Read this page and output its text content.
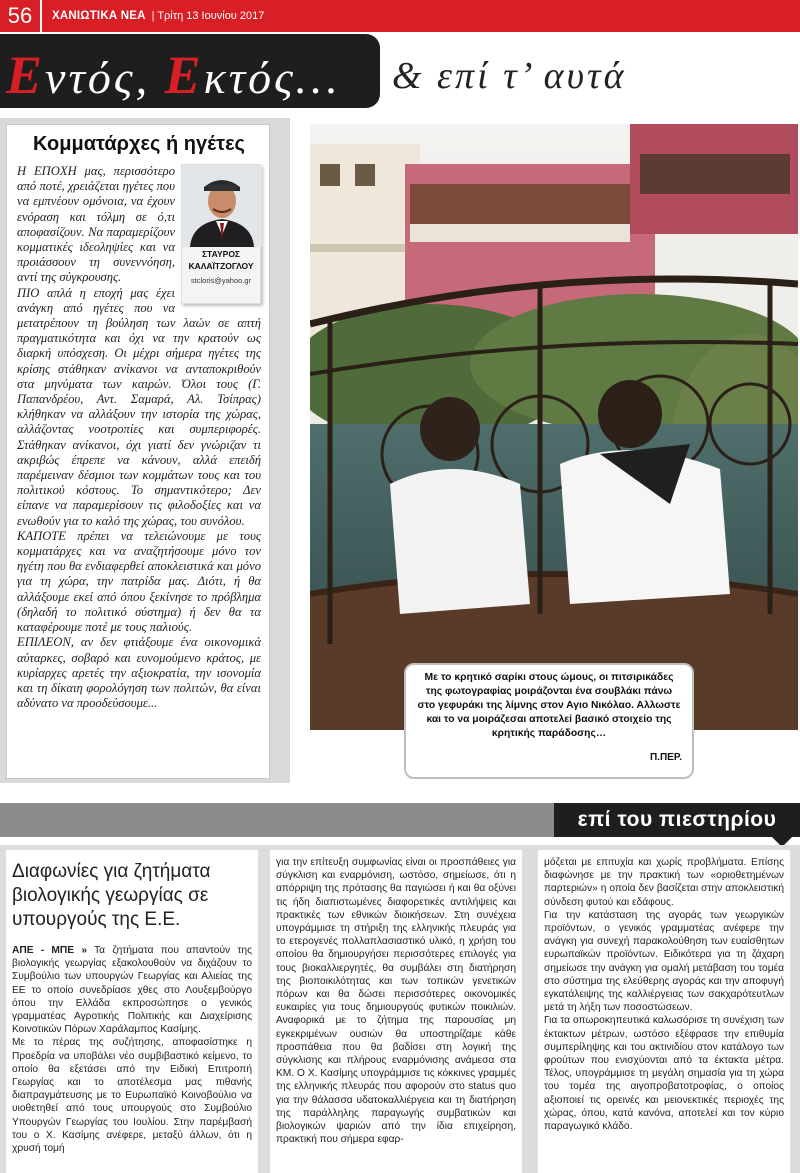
56	ΧΑΝΙΩΤΙΚΑ ΝΕΑ | Τρίτη 13 Ιουνίου 2017
Εντός, Εκτός… & επί τ’ αυτά
Κομματάρχες ή ηγέτες
ΣΤΑΥΡΟΣ
ΚΑΛΑΪΤΖΟΓΛΟΥ
stcloris@yahoo.gr

Η ΕΠΟΧΗ μας, περισσότερο από ποτέ, χρειάζεται ηγέτες που να εμπνέουν ομόνοια, να έχουν ενόραση και τόλμη σε ό,τι αποφασίζουν. Να παραμερίζουν κομματικές ιδεοληψίες και να προιάσσουν τη συνεννόηση, αντί της σύγκρουσης.

ΠΙΟ απλά η εποχή μας έχει ανάγκη από ηγέτες που να μετατρέπουν τη βούληση των λαών σε απτή πραγματικότητα και όχι να την κρατούν ως διαρκή υπόσχεση. Οι μέχρι σήμερα ηγέτες της κρίσης στάθηκαν ανίκανοι να ανταποκριθούν στα μηνύματα των καιρών. Όλοι τους (Γ. Παπανδρέου, Αντ. Σαμαρά, Αλ. Τσίπρας) κλήθηκαν να αλλάξουν την ιστορία της χώρας, αλλάζοντας νοοτροπίες και συμπεριφορές. Στάθηκαν ανίκανοι, όχι γιατί δεν γνώριζαν τι ακριβώς έπρεπε να κάνουν, αλλά επειδή παρέμειναν δέσμιοι των κομμάτων τους και του πολιτικού κόστους. Το σημαντικότερο; Δεν είπανε να παραμερίσουν τις φιλοδοξίες και να ενωθούν για το καλό της χώρας, του συνόλου.

ΚΑΠΟΤΕ πρέπει να τελειώνουμε με τους κομματάρχες και να αναζητήσουμε μόνο τον ηγέτη που θα ενδιαφερθεί αποκλειστικά και μόνο για τη χώρα, την πατρίδα μας. Διότι, ή θα αλλάξουμε εκεί από όπου ξεκίνησε το πρόβλημα (δηλαδή το πολιτικό σύστημα) ή δεν θα τα καταφέρουμε ποτέ με τους παλιούς.

ΕΠΙΛΕΟΝ, αν δεν φτιάξουμε ένα οικονομικά αύταρκες, σοβαρό και ευνομούμενο κράτος, με κυρίαρχες αρετές την αξιοκρατία, την ισονομία και τη δίκαιη φορολόγηση των πολιτών, θα είναι αδύνατο να προοδεύσουμε...

Με το κρητικό σαρίκι στους ώμους, οι πιτσιρικάδες της φωτογραφίας μοιράζονται ένα σουβλάκι πάνω στο γεφυράκι της λίμνης στον Αγιο Νικόλαο. Αλλωστε και το να μοιράζεσαι αποτελεί βασικό στοιχείο της κρητικής παράδοσης…
Π.ΠΕΡ.
επί του πιεστηρίου
Διαφωνίες για ζητήματα βιολογικής γεωργίας σε υπουργούς της Ε.Ε.

ΑΠΕ - ΜΠΕ » Τα ζητήματα που απαντούν της βιολογικής γεωργίας εξακολουθούν να διχάζουν το Συμβούλιο των υπουργών Γεωργίας και Αλιείας της ΕΕ το οποίο συνεδρίασε χθες στο Λουξεμβούργο όπου την Ελλάδα εκπροσώπησε ο γενικός γραμματέας Αγροτικής Πολιτικής και Διαχείρισης Κοινοτικών Πόρων Χαράλαμπος Κασίμης.

Με το πέρας της συζήτησης, αποφασίστηκε η Προεδρία να υποβάλει νέο συμβιβαστικό κείμενο, το οποίο θα εξετάσει από την Ειδική Επιτροπή Γεωργίας και το αποτέλεσμα μας πιθανής διαπραγμάτευσης με το Ευρωπαϊκό Κοινοβούλιο να υιοθετηθεί από τους υπουργούς στο Συμβούλιο Υπουργών Γεωργίας του Ιουλίου. Στην παρέμβασή του ο Χ. Κασίμης ανέφερε, μεταξύ άλλων, ότι η χρυσή τομή

για την επίτευξη συμφωνίας είναι οι προσπάθειες για σύγκλιση και εναρμόνιση, ωστόσο, σημείωσε, ότι η απόρριψη της πρότασης θα παγιώσει ή και θα οξύνει τις ήδη διαπιστωμένες διαφορετικές αντιλήψεις και πρακτικές των εθνικών διοικήσεων. Στη συνέχεια υπογράμμισε τη στήριξη της ελληνικής πλευράς για το ετερογενές πολλαπλασιαστικό υλικό, η χρήση του οποίου θα δημιουργήσει περισσότερες επιλογές για τους βιοκαλλιεργητές, θα συμβάλει στη διατήρηση της βιοποικιλότητας και των τοπικών γενετικών πόρων και θα δώσει περισσότερες οικονομικές ευκαιρίες για τους δημιουργούς φυτικών ποικιλιών. Αναφορικά με το ζήτημα της παρουσίας μη εγκεκριμένων ουσιών θα υποστηρίζαμε κάθε προσπάθεια που θα βαδίσει στη λογική της σύγκλισης και πλήρους εναρμόνισης ανάμεσα στα ΚΜ. Ο Χ. Κασίμης υπογράμμισε τις κόκκινες γραμμές της ελληνικής πλευράς που αφορούν στο status quo για την θάλασσα υδατοκαλλιέργεια και τη διατήρηση της παράλληλης παραγωγής συμβατικών και βιολογικών ψαριών από την ίδια επιχείρηση, πρακτική που σήμερα εφαρ-

μόζεται με επιτυχία και χωρίς προβλήματα. Επίσης διαφώνησε με την πρακτική των «οριοθετημένων παρτεριών» η οποία δεν βασίζεται στην αποκλειστική σύνδεση φυτού και εδάφους.

Για την κατάσταση της αγοράς των γεωργικών προϊόντων, ο γενικός γραμματέας ανέφερε την ανάγκη για συνεχή παρακολούθηση των ευαίσθητων ευρωπαϊκών προϊόντων. Ειδικότερα για τη ζάχαρη σημείωσε την ανάγκη για ομαλή μετάβαση του τομέα στο σύστημα της ελεύθερης αγοράς και την αποφυγή εγκατάλειψης της καλλιέργειας των σακχαρότευτλων μετά τη λήξη των ποσοστώσεων.

Για τα οπωροκηπευτικά καλωσόρισε τη συνέχιση των έκτακτων μέτρων, ωστόσο εξέφρασε την επιθυμία συμπερίληψης και του ακτινιδίου στον κατάλογο των φρούτων που ενισχύονται από τα έκτακτα μέτρα. Τέλος, υπογράμμισε τη μεγάλη σημασία για τη χώρα του τομέα της αιγοπροβατοτροφίας, ο οποίος αξιοποιεί τις ορεινές και μειονεκτικές περιοχές της χώρας, όπου, κατά κανόνα, αποτελεί και τον κύριο παραγωγικό κλάδο.
